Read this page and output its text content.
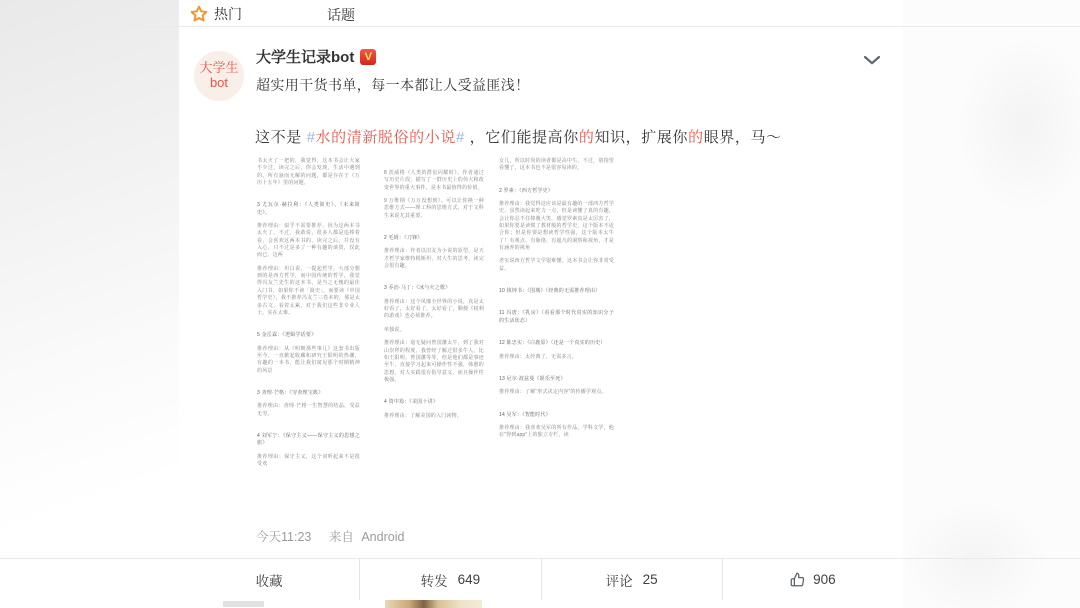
热门	话题
大学生
bot
大学生记录bot V
超实用干货书单，每一本都让人受益匪浅！
这不是 #水的清新脱俗的小说# ，它们能提高你的知识，扩展你的眼界，马～
书太火了一把的，我觉得，这本书会让大家不少过，读完之后，你会发现，生活中遇到的，所有悬而无解的问题，都是存在于《万历十五年》里的问题。
3 尤瓦尔·赫拉利：《人类简史》、《未来简史》。
推荐理由：似乎不需要推荐，因为这两本书太火了。不过，我敢说，很多人都是追捧着看，会喜欢这两本书的，读完之后，并没有入心，只不过是多了一种有趣的谈资，仅此而已，这两
推荐理由：坦白说，一提起哲学，大部分想到的是西方哲学，而中国传统的哲学，我觉得冯友兰先生的这本书，是当之无愧的最佳入门书，如果你不读「简史」，而要读《中国哲学史》，我不推荐冯友兰三卷本的，那是太多古文，看着太累，对于我们这些非专业人士，实在太难。
5 金岳霖：《逻辑学话要》
推荐理由：从《明朝那些事儿》这套书出版至今，一直掀起收藏和研究王阳明的热潮，有趣的一本书，能让我们窥见那个时期精神的风景
3 查理·芒格：《穷查理宝典》
推荐理由：查理·芒格一生智慧的结晶，受益无穷。
4 刘军宁：《保守主义——保守主义的思想之旅》
推荐理由：保守主义，这个词听起来不是很受欢
8 茨威格《人类的群星闪耀时》。作者通过写历史片段，描写了一群历史上的伟大和改变世界的重大事件，是本书最值得的价值。
9 万维钢《万万没想到》。可以让你换一种思维方式——理工科的思维方式，对于文科生来说尤其重要。
2 毛姆：《刀锋》
推荐理由：作者以旧友为小说的原型，是天才哲学家维特根斯坦，对人生的思考，读完会很有趣。
3 乔治·马丁：《冰与火之歌》
推荐理由：这个风靡全世界的小说，真是太好看了，太好看了，太好看了，顺便《权利的游戏》也必须推荐。
单独说。
推荐理由：毫无疑问曾国藩太牛，到了我对山崇拜的程度，我曾经了解过很多牛人，比如王阳明、曾国藩等等，但是他们都是事迹至牛，直接学习起来可操作性不强，韩愈的思想，对人实践很有指导意义，而且操作性极强。
4 资中筠：《美国十讲》
推荐理由：了解美国的入门读物。
女儿，所以时尚的读者都是高中生。不过，别指望看懂了，这本书也不是很容易读的。
2 罗素：《西方哲学史》
推荐理由：我觉得这应该是最有趣的一部西方哲学史，虽然读起来吃力一点，但是读懂了真的有趣，会让你忍不住捧腹大笑，感觉罗素真是太厉害了，如果你要是读惯了教材般的哲学史，这个版本不适合你；但是你要是想读哲学性强，这个版本太牛了！有观点、有脉络、有超凡的洞察和视角，才是有涵养的视角
老实说西方哲学文学很难懂，这本书会让你非常受益。
10 钱钟书：《围城》（经典的无需推荐理由）
11 冯唐：《乳房》（看看那个时代真实的知识分子的生活状态）
12 陈忠实：《白鹿原》（还是一个真实的历史）
推荐理由：太经典了，无需多言。
13 尼尔·波兹曼《娱乐至死》
推荐理由：了解“形式决定内容”的传播学观点。
14 吴军：《智能时代》
推荐理由：我喜欢吴军的所有作品，学科文学，他在“得到app”上的独立专栏，读
今天11:23 来自 Android
收藏	转发 649	评论 25	906
